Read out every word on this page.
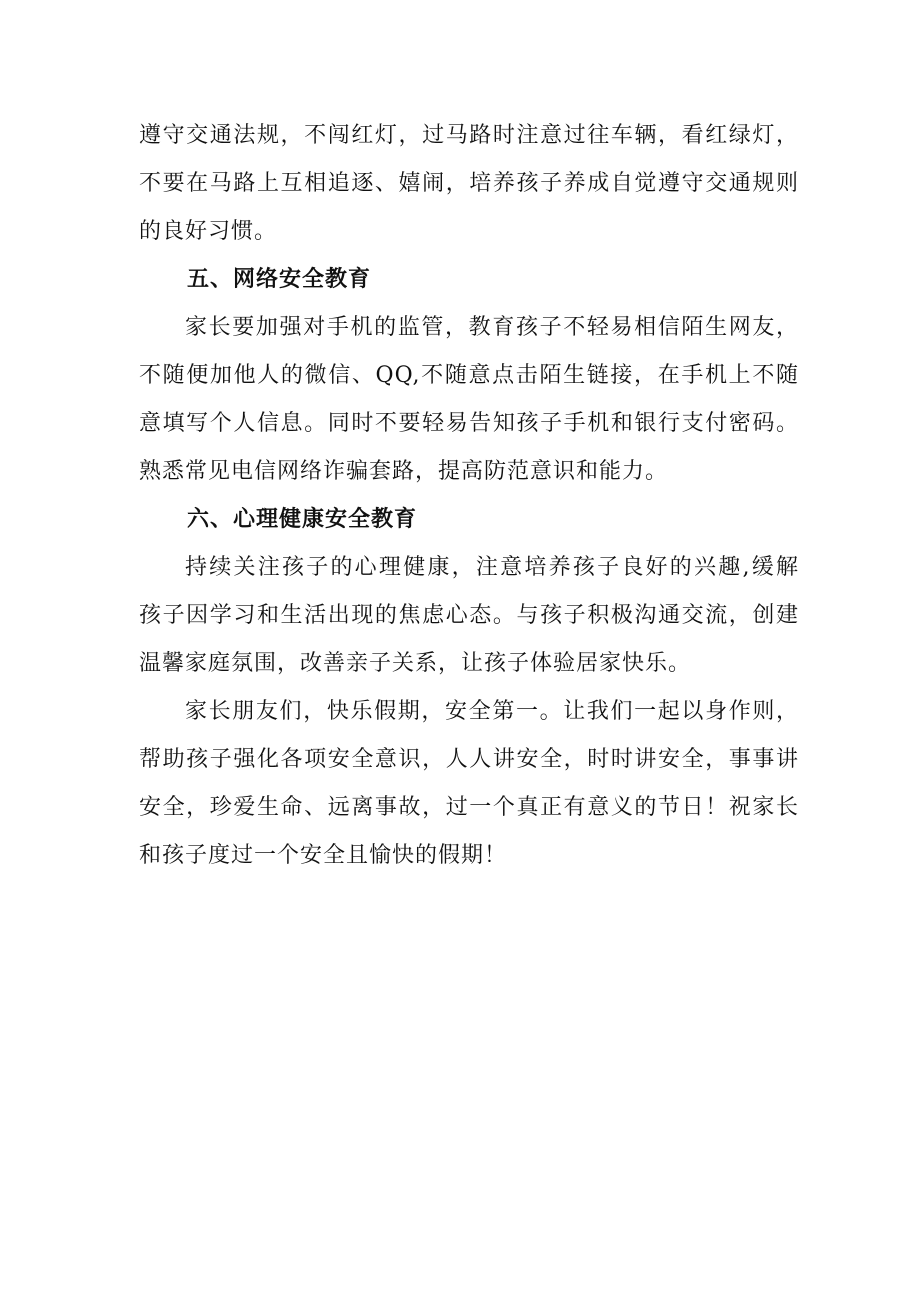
遵守交通法规，不闯红灯，过马路时注意过往车辆，看红绿灯，
不要在马路上互相追逐、嬉闹，培养孩子养成自觉遵守交通规则
的良好习惯。
五、网络安全教育
家长要加强对手机的监管，教育孩子不轻易相信陌生网友，
不随便加他人的微信、QQ,不随意点击陌生链接，在手机上不随
意填写个人信息。同时不要轻易告知孩子手机和银行支付密码。
熟悉常见电信网络诈骗套路，提高防范意识和能力。
六、心理健康安全教育
持续关注孩子的心理健康，注意培养孩子良好的兴趣,缓解
孩子因学习和生活出现的焦虑心态。与孩子积极沟通交流，创建
温馨家庭氛围，改善亲子关系，让孩子体验居家快乐。
家长朋友们，快乐假期，安全第一。让我们一起以身作则，
帮助孩子强化各项安全意识，人人讲安全，时时讲安全，事事讲
安全，珍爱生命、远离事故，过一个真正有意义的节日！祝家长
和孩子度过一个安全且愉快的假期！
